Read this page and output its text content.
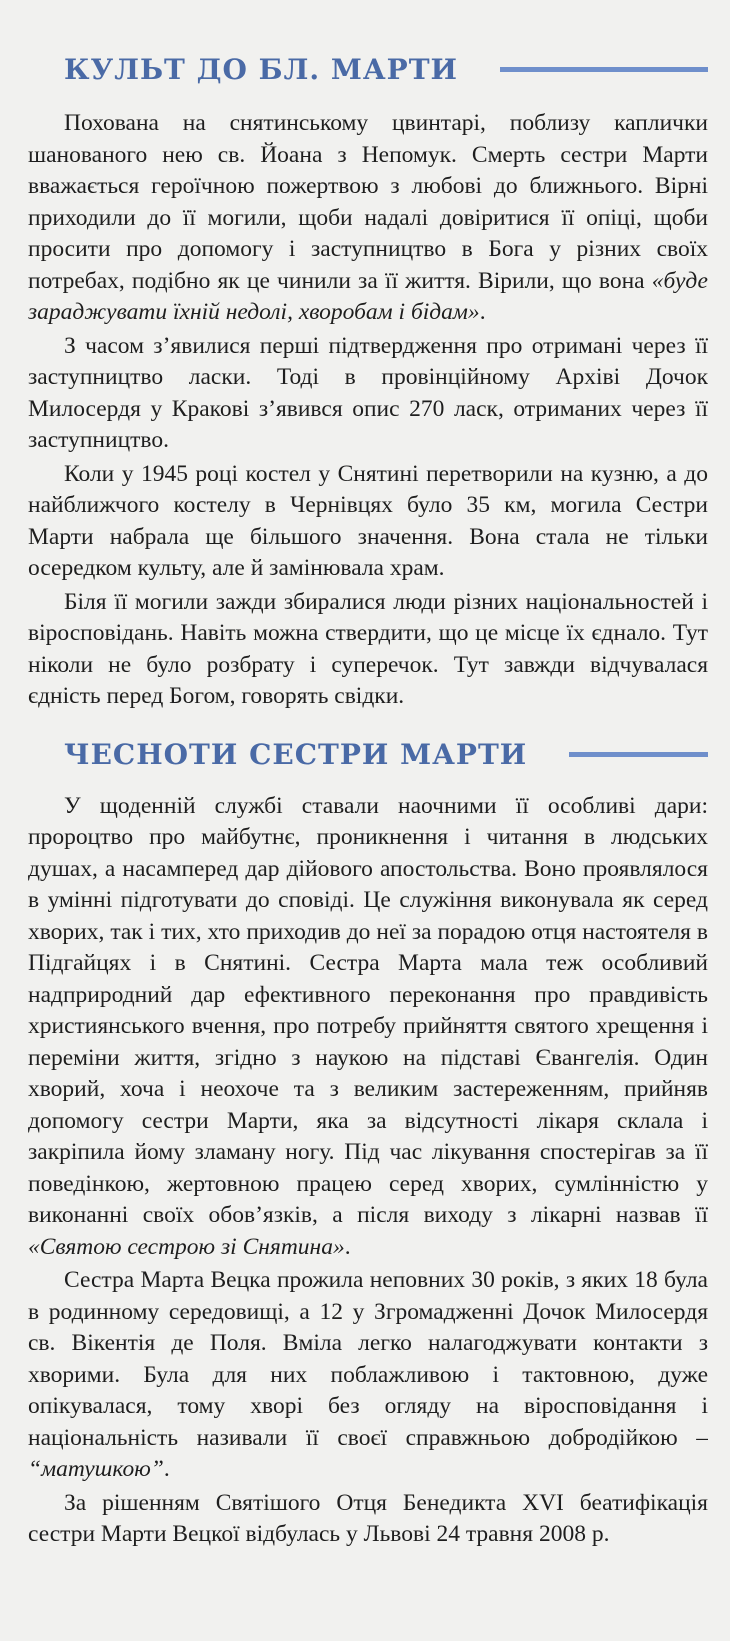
КУЛЬТ ДО БЛ. МАРТИ

Похована на снятинському цвинтарі, поблизу каплички шанованого нею св. Йоана з Непомук. Смерть сестри Марти вважається героїчною пожертвою з любові до ближнього. Вірні приходили до її могили, щоби надалі довіритися її опіці, щоби просити про допомогу і заступництво в Бога у різних своїх потребах, подібно як це чинили за її життя. Вірили, що вона «буде зараджувати їхній недолі, хворобам і бідам».

З часом з’явилися перші підтвердження про отримані через її заступництво ласки. Тоді в провінційному Архіві Дочок Милосердя у Кракові з’явився опис 270 ласк, отриманих через її заступництво.

Коли у 1945 році костел у Снятині перетворили на кузню, а до найближчого костелу в Чернівцях було 35 км, могила Сестри Марти набрала ще більшого значення. Вона стала не тільки осередком культу, але й замінювала храм.

Біля її могили зажди збиралися люди різних національностей і віросповідань. Навіть можна ствердити, що це місце їх єднало. Тут ніколи не було розбрату і суперечок. Тут завжди відчувалася єдність перед Богом, говорять свідки.

ЧЕСНОТИ СЕСТРИ МАРТИ

У щоденній службі ставали наочними її особливі дари: пророцтво про майбутнє, проникнення і читання в людських душах, а насамперед дар дійового апостольства. Воно проявлялося в умінні підготувати до сповіді. Це служіння виконувала як серед хворих, так і тих, хто приходив до неї за порадою отця настоятеля в Підгайцях і в Снятині. Сестра Марта мала теж особливий надприродний дар ефективного переконання про правдивість християнського вчення, про потребу прийняття святого хрещення і переміни життя, згідно з наукою на підставі Євангелія. Один хворий, хоча і неохоче та з великим застереженням, прийняв допомогу сестри Марти, яка за відсутності лікаря склала і закріпила йому зламану ногу. Під час лікування спостерігав за її поведінкою, жертовною працею серед хворих, сумлінністю у виконанні своїх обов’язків, а після виходу з лікарні назвав її «Святою сестрою зі Снятина».

Сестра Марта Вецка прожила неповних 30 років, з яких 18 була в родинному середовищі, а 12 у Згромадженні Дочок Милосердя св. Вікентія де Поля. Вміла легко налагоджувати контакти з хворими. Була для них поблажливою і тактовною, дуже опікувалася, тому хворі без огляду на віросповідання і національність називали її своєї справжньою добродійкою – “матушкою”.

За рішенням Святішого Отця Бенедикта XVI беатифікація сестри Марти Вецкої відбулась у Львові 24 травня 2008 р.
